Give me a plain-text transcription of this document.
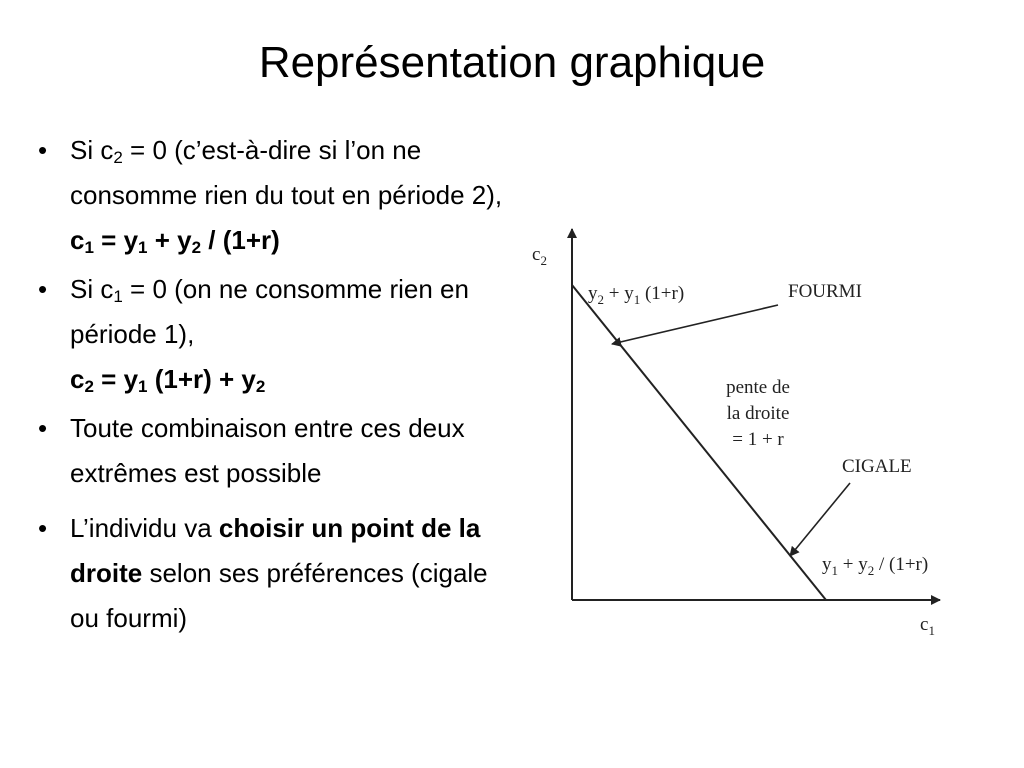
Représentation graphique
• Si $c_2 = 0$ (c’est-à-dire si l’on ne consomme rien du tout en période 2),
$c_1 = y_1 + y_2 / (1+r)$
• Si $c_1 = 0$ (on ne consomme rien en période 1),
$c_2 = y_1$ $(1+r) + y_2$
• Toute combinaison entre ces deux extrêmes est possible
• L’individu va choisir un point de la droite selon ses préférences (cigale ou fourmi)
$c_2$
$c_1$
$y_2 + y_1$ (1+r)
$y_1 + y_2 / (1+r)$
FOURMI
CIGALE
pente de
la droite
= 1 + r
